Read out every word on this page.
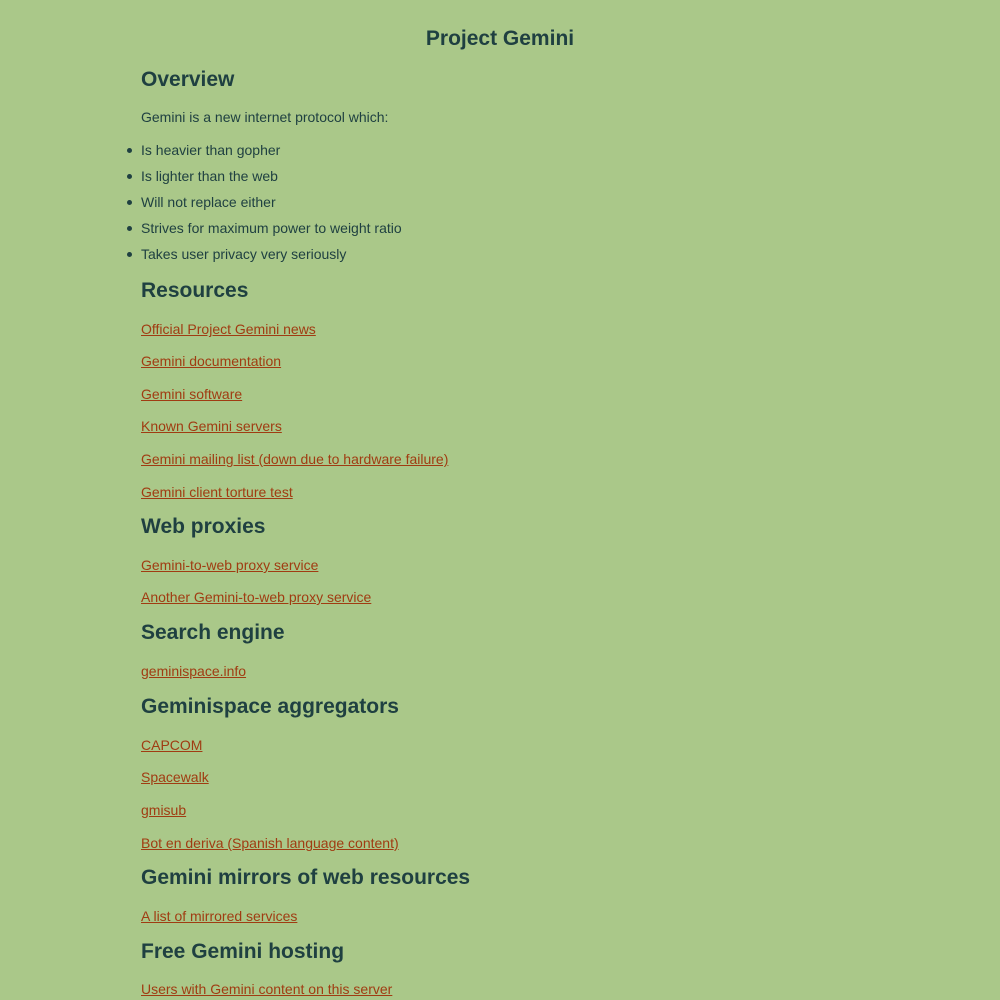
Project Gemini
Overview

Gemini is a new internet protocol which:

Is heavier than gopher
Is lighter than the web
Will not replace either
Strives for maximum power to weight ratio
Takes user privacy very seriously
Resources
Official Project Gemini news
Gemini documentation
Gemini software
Known Gemini servers
Gemini mailing list (down due to hardware failure)
Gemini client torture test
Web proxies
Gemini-to-web proxy service
Another Gemini-to-web proxy service
Search engine
geminispace.info
Geminispace aggregators
CAPCOM
Spacewalk
gmisub
Bot en deriva (Spanish language content)
Gemini mirrors of web resources
A list of mirrored services
Free Gemini hosting
Users with Gemini content on this server
